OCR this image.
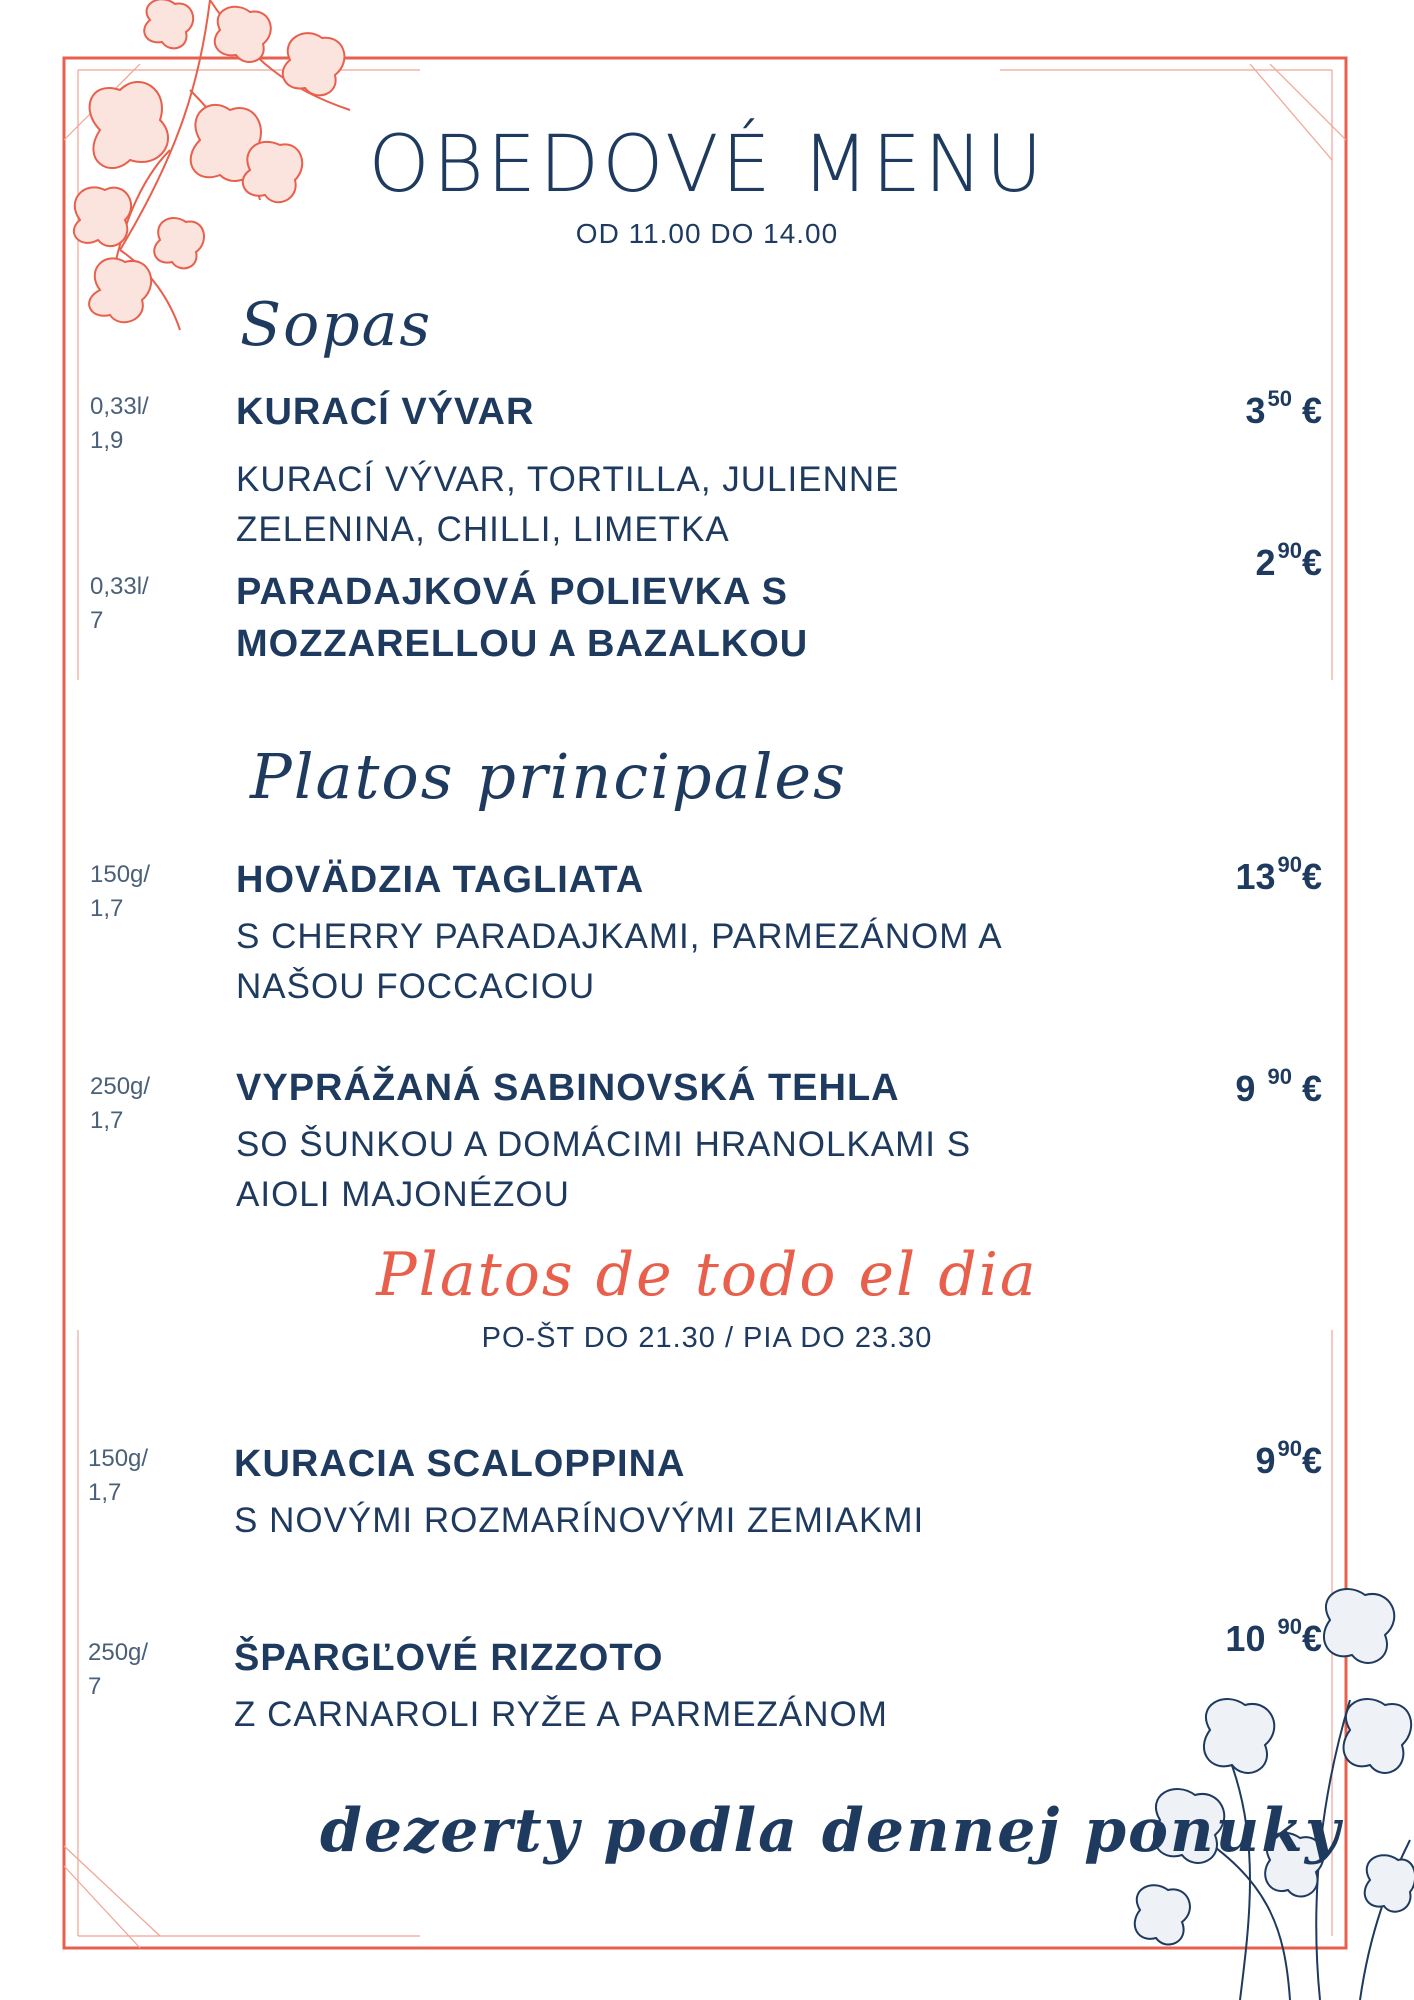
OBEDOVÉ MENU
OD 11.00 DO 14.00
Sopas
0,33l/
1,9
KURACÍ VÝVAR
KURACÍ VÝVAR, TORTILLA, JULIENNE
ZELENINA, CHILLI, LIMETKA
$3^{50}$ €
0,33l/
7
PARADAJKOVÁ POLIEVKA S
MOZZARELLOU A BAZALKOU
$2^{90}€$
Platos principales
150g/
1,7
HOVÄDZIA TAGLIATA
S CHERRY PARADAJKAMI, PARMEZÁNOM A
NAŠOU FOCCACIOU
$13^{90}€$
250g/
1,7
VYPRÁŽANÁ SABINOVSKÁ TEHLA
SO ŠUNKOU A DOMÁCIMI HRANOLKAMI S
AIOLI MAJONÉZOU
9 $^{90}$ €
Platos de todo el dia
PO-ŠT DO 21.30 / PIA DO 23.30
150g/
1,7
KURACIA SCALOPPINA
S NOVÝMI ROZMARÍNOVÝMI ZEMIAKMI
$9^{90}€$
250g/
7
ŠPARGĽOVÉ RIZZOTO
Z CARNAROLI RYŽE A PARMEZÁNOM
10 $^{90}$€
dezerty podla dennej ponuky
